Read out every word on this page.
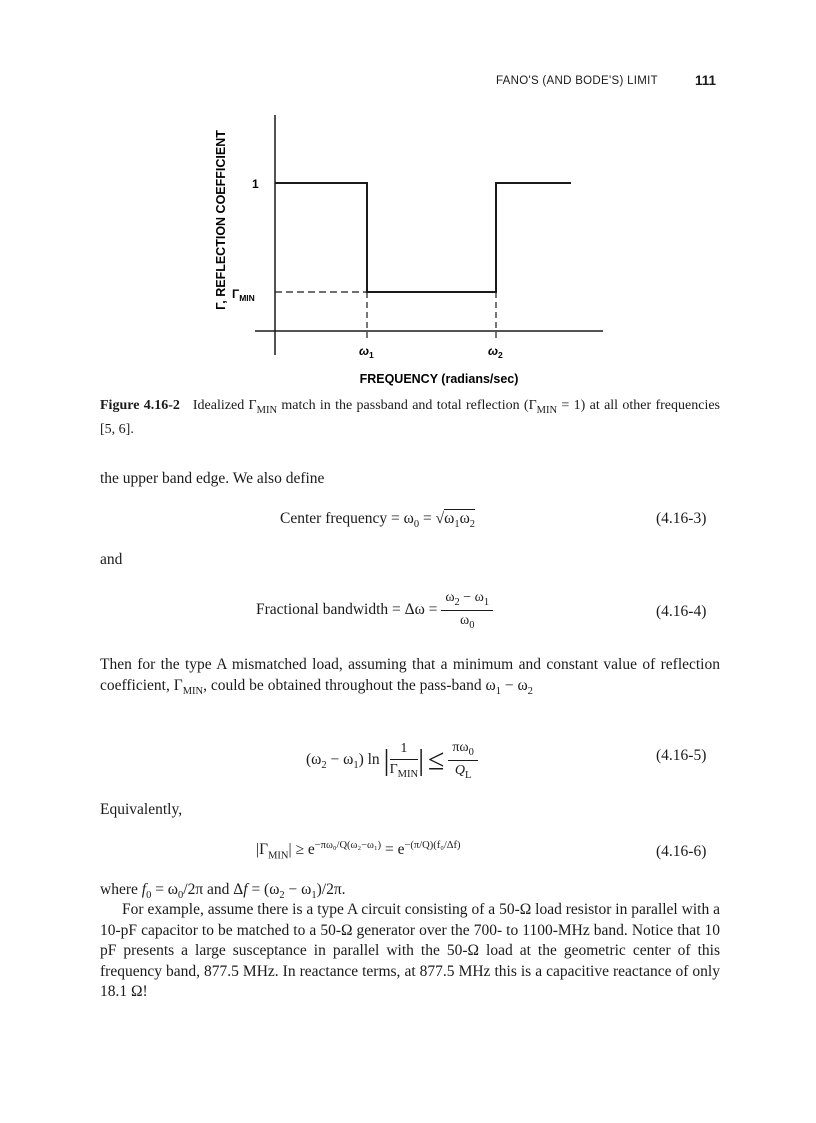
FANO'S (AND BODE'S) LIMIT	111
Γ, REFLECTION COEFFICIENT 1
$\Gamma_{MIN}$
$\omega_1$	$\omega_2$
FREQUENCY (radians/sec)
Figure 4.16-2 Idealized $\Gamma_{MIN}$ match in the passband and total reflection $(\Gamma_{MIN} = 1)$ at all other frequencies [5, 6].
the upper band edge. We also define
Center frequency = $\omega_0 = √\omega_1\omega_2$	(4.16-3)
and
Fractional bandwidth = $\Delta\omega = \frac{\omega_2 - \omega_1}{\omega_0}$	(4.16-4)
Then for the type A mismatched load, assuming that a minimum and constant value of reflection coefficient, $\Gamma_{MIN}$, could be obtained throughout the pass-band $\omega_1 - \omega_2$
$(\omega_2 - \omega_1)$ ln | $\frac{1}{\Gamma_{MIN}}$ | ≤ $\frac{\pi\omega_0}{Q_L}$	(4.16-5)
Equivalently,
$|\Gamma_{MIN}| \ge e^{-\pi\omega_0/Q(\omega_2-\omega_1)} = e^{-(\pi/Q)(f_0/\Delta f)}$	(4.16-6)
where $f_0 = \omega_0/2\pi$ and $\Delta f = (\omega_2 - \omega_1)/2\pi$.
For example, assume there is a type A circuit consisting of a 50-Ω load resistor in parallel with a 10-pF capacitor to be matched to a 50-Ω generator over the 700- to 1100-MHz band. Notice that 10 pF presents a large susceptance in parallel with the 50-Ω load at the geometric center of this frequency band, 877.5 MHz. In reactance terms, at 877.5 MHz this is a capacitive reactance of only 18.1 Ω!
